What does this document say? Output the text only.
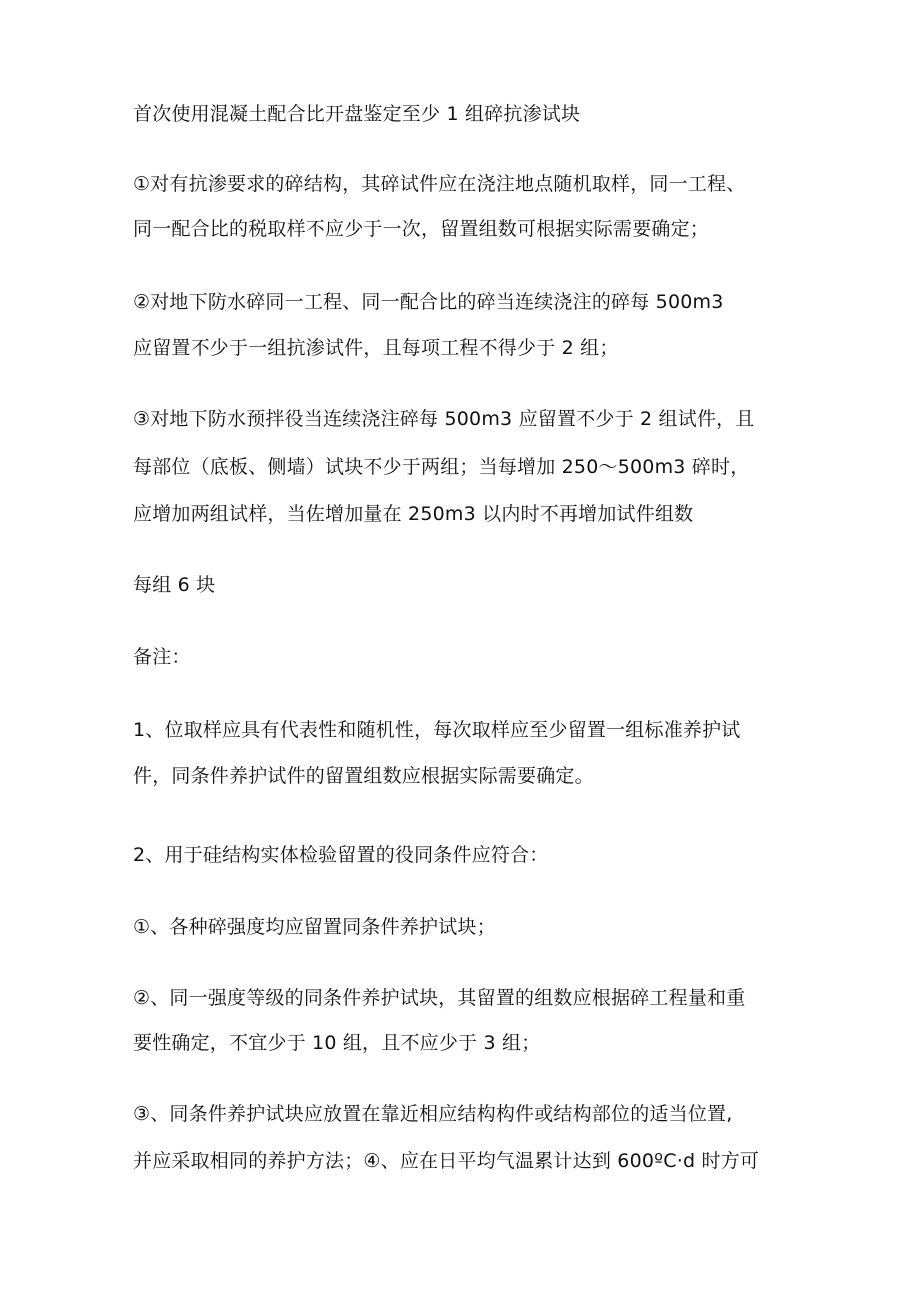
首次使用混凝土配合比开盘鉴定至少 1 组碎抗渗试块
①对有抗渗要求的碎结构，其碎试件应在浇注地点随机取样，同一工程、
同一配合比的税取样不应少于一次，留置组数可根据实际需要确定；
②对地下防水碎同一工程、同一配合比的碎当连续浇注的碎每 500m3
应留置不少于一组抗渗试件，且每项工程不得少于 2 组；
③对地下防水预拌役当连续浇注碎每 500m3 应留置不少于 2 组试件，且
每部位（底板、侧墙）试块不少于两组；当每增加 250～500m3 碎时，
应增加两组试样，当佐增加量在 250m3 以内时不再增加试件组数
每组 6 块
备注：
1、位取样应具有代表性和随机性，每次取样应至少留置一组标准养护试
件，同条件养护试件的留置组数应根据实际需要确定。
2、用于硅结构实体检验留置的役同条件应符合：
①、各种碎强度均应留置同条件养护试块；
②、同一强度等级的同条件养护试块，其留置的组数应根据碎工程量和重
要性确定，不宜少于 10 组，且不应少于 3 组；
③、同条件养护试块应放置在靠近相应结构构件或结构部位的适当位置,
并应采取相同的养护方法；④、应在日平均气温累计达到 600ºC·d 时方可
